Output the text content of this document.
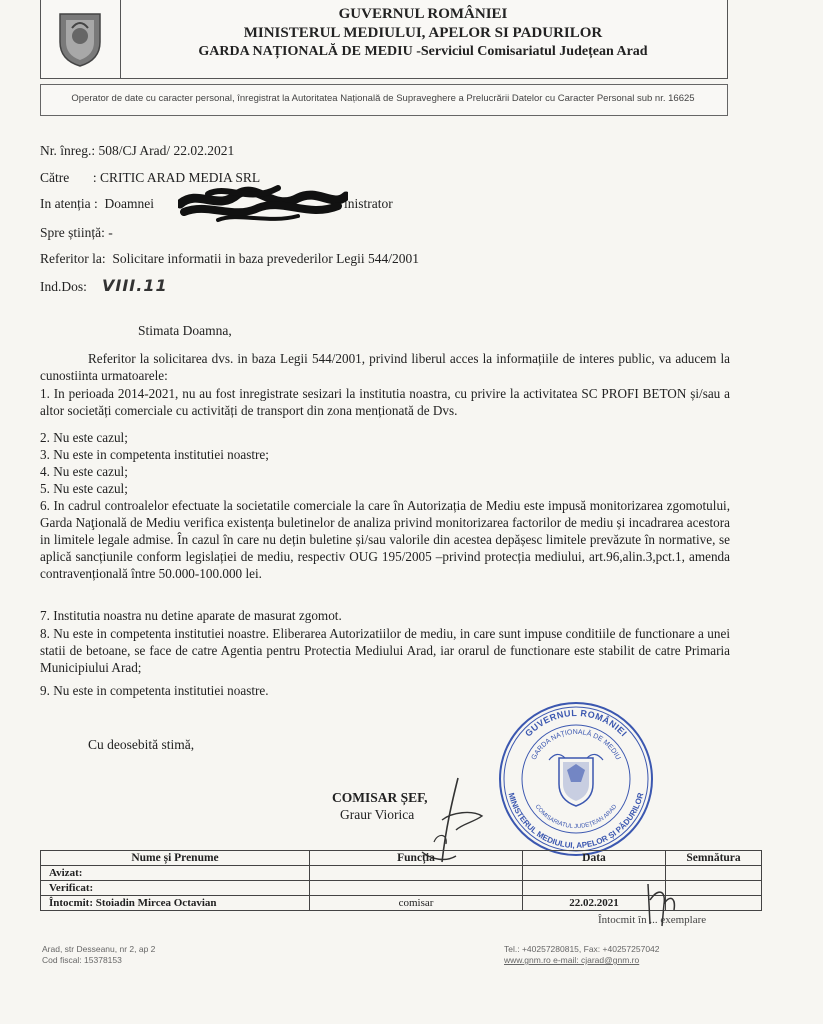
GUVERNUL ROMÂNIEI
MINISTERUL MEDIULUI, APELOR SI PADURILOR
GARDA NAȚIONALĂ DE MEDIU -Serviciul Comisariatul Județean Arad
Operator de date cu caracter personal, înregistrat la Autoritatea Națională de Supraveghere a Prelucrării Datelor cu Caracter Personal sub nr. 16625
Nr. înreg.: 508/CJ Arad/ 22.02.2021
Către       : CRITIC ARAD MEDIA SRL
In atenția :  Doamnei	inistrator
Spre știință: -
Referitor la:  Solicitare informatii in baza prevederilor Legii 544/2001
Ind.Dos: VIII.11
Stimata Doamna,
Referitor la solicitarea dvs. in baza Legii 544/2001, privind liberul acces la informațiile de interes public, va aducem la cunostiinta urmatoarele:
1. In perioada 2014-2021, nu au fost inregistrate sesizari la institutia noastra, cu privire la activitatea SC PROFI BETON și/sau a altor societăți comerciale cu activități de transport din zona menționată de Dvs.
2. Nu este cazul;
3. Nu este in competenta institutiei noastre;
4. Nu este cazul;
5. Nu este cazul;
6. In cadrul controalelor efectuate la societatile comerciale la care în Autorizația de Mediu este impusă monitorizarea zgomotului, Garda Naţională de Mediu verifica existența buletinelor de analiza privind monitorizarea factorilor de mediu și incadrarea acestora in limitele legale admise. În cazul în care nu dețin buletine și/sau valorile din acestea depășesc limitele prevăzute în normative, se aplică sancțiunile conform legislației de mediu, respectiv OUG 195/2005 –privind protecția mediului, art.96,alin.3,pct.1, amenda contravențională între 50.000-100.000 lei.
7. Institutia noastra nu detine aparate de masurat zgomot.
8. Nu este in competenta institutiei noastre. Eliberarea Autorizatiilor de mediu, in care sunt impuse conditiile de functionare a unei statii de betoane, se face de catre Agentia pentru Protectia Mediului Arad, iar orarul de functionare este stabilit de catre Primaria Municipiului Arad;
9. Nu este in competenta institutiei noastre.
Cu deosebită stimă,
COMISAR ȘEF,
Graur Viorica
GUVERNUL ROMÂNIEI
MINISTERUL MEDIULUI, APELOR ȘI PĂDURILOR
GARDA NAȚIONALĂ DE MEDIU
COMISARIATUL JUDEȚEAN ARAD
Nume și Prenume	Funcția	Data	Semnătura
Avizat:			
Verificat:			
Întocmit: Stoiadin Mircea Octavian	comisar	22.02.2021	
Întocmit în ... exemplare
Arad, str Desseanu, nr 2, ap 2
Cod fiscal: 15378153
Tel.: +40257280815, Fax: +40257257042
www.gnm.ro e-mail: cjarad@gnm.ro
